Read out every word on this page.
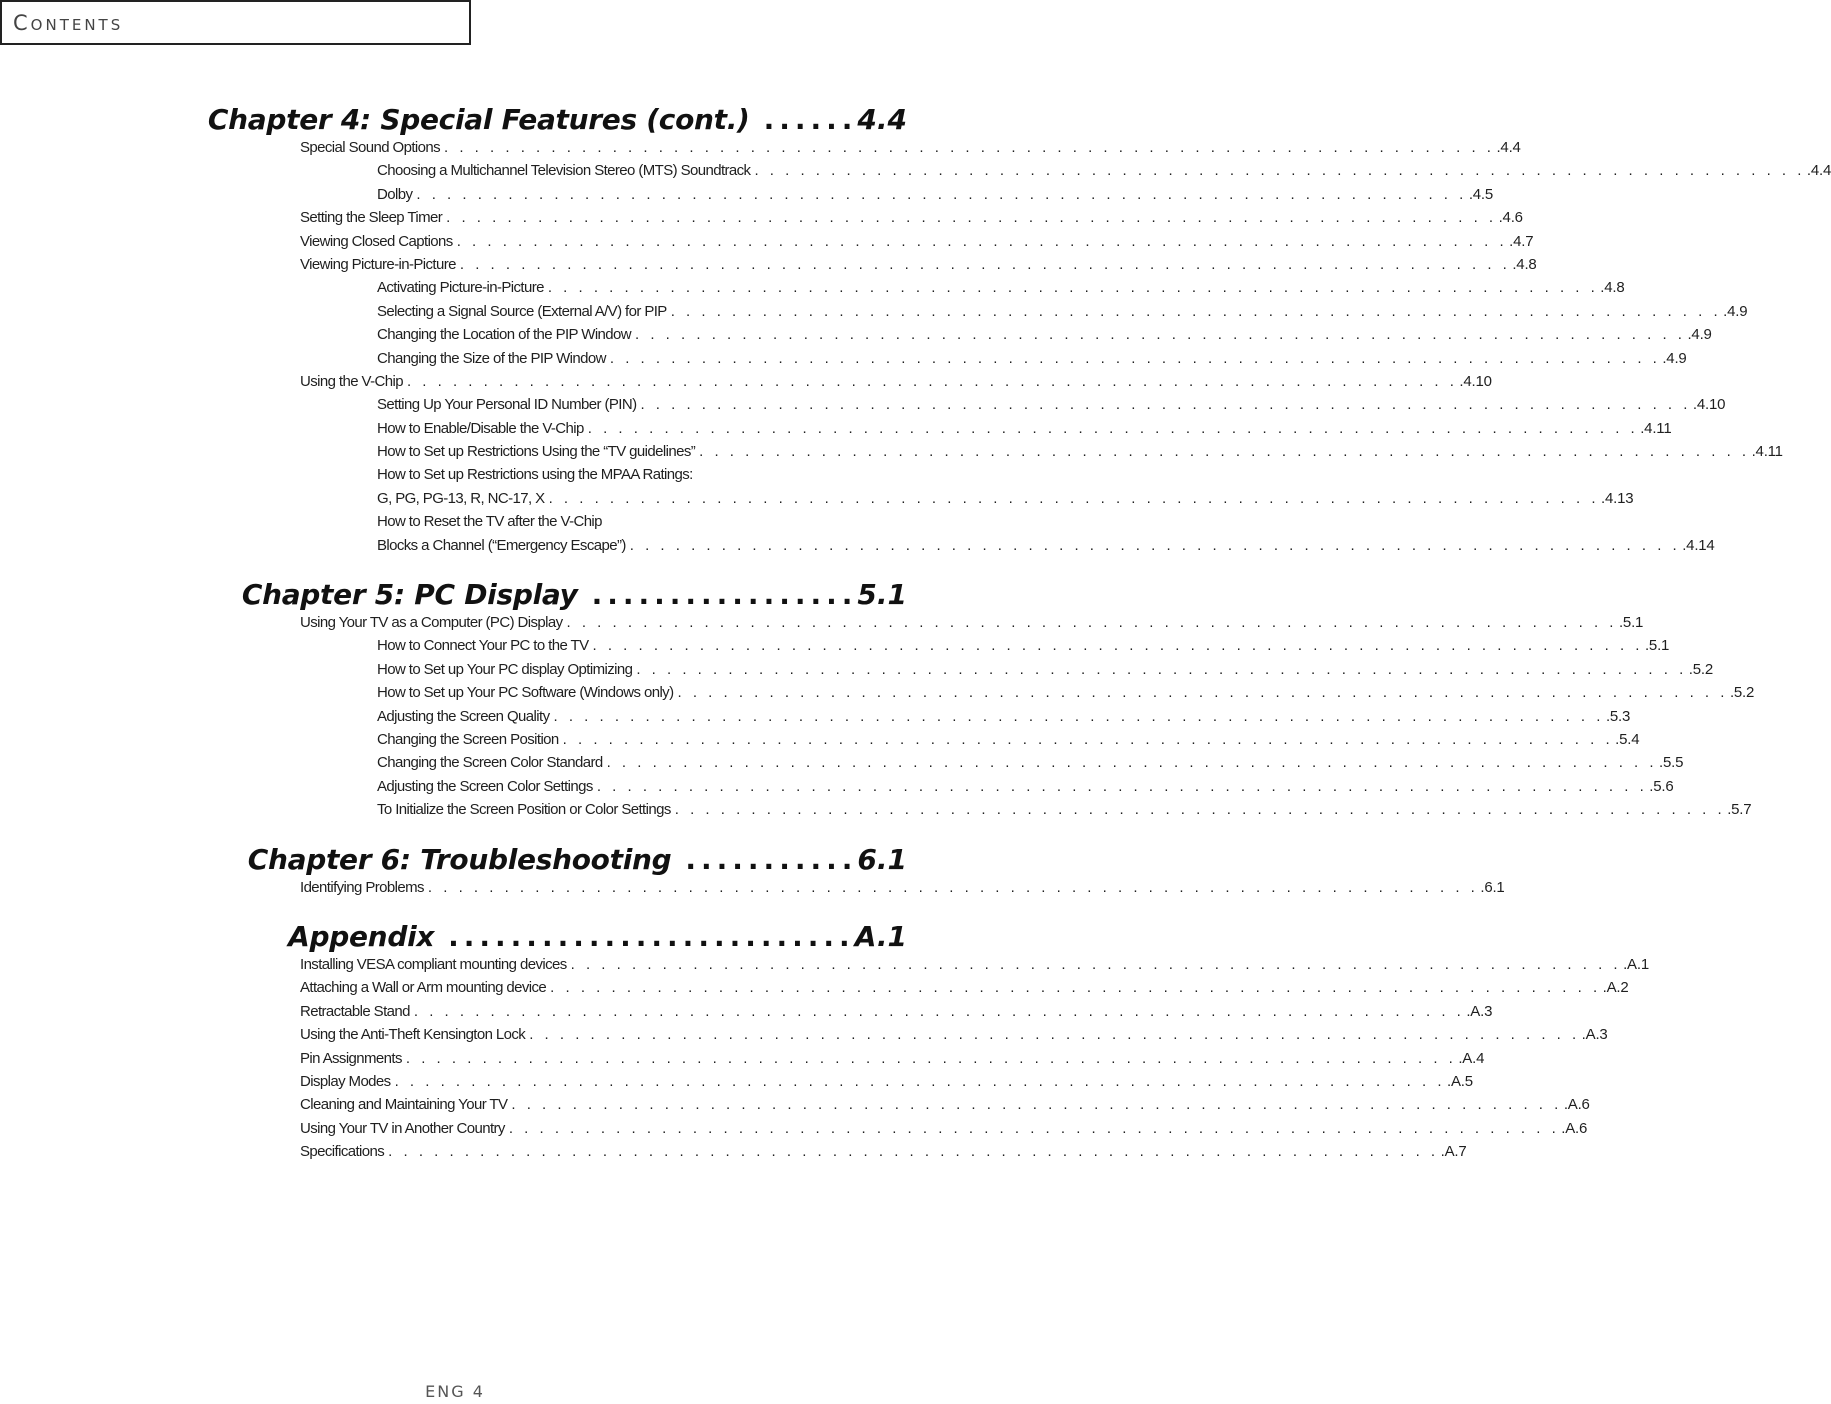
CONTENTS
Chapter 4: Special Features (cont.) ...... 4.4
Special Sound Options . . . . . . . . . . . . . . . . . . . . . . . . . . . . . . . . . . . . . . . . . . . . . . . . . . . . . . . . . . . . . . . . . . . . . .4.4
Choosing a Multichannel Television Stereo (MTS) Soundtrack . . . . . . . . . . . . . . . . . . . . . . . . . . . . . . . . . . . . . . . . . . . . . . . . . . . . . . . . . . . . . . . . . . . . . .4.4
Dolby . . . . . . . . . . . . . . . . . . . . . . . . . . . . . . . . . . . . . . . . . . . . . . . . . . . . . . . . . . . . . . . . . . . . . .4.5
Setting the Sleep Timer . . . . . . . . . . . . . . . . . . . . . . . . . . . . . . . . . . . . . . . . . . . . . . . . . . . . . . . . . . . . . . . . . . . . . .4.6
Viewing Closed Captions . . . . . . . . . . . . . . . . . . . . . . . . . . . . . . . . . . . . . . . . . . . . . . . . . . . . . . . . . . . . . . . . . . . . . .4.7
Viewing Picture-in-Picture . . . . . . . . . . . . . . . . . . . . . . . . . . . . . . . . . . . . . . . . . . . . . . . . . . . . . . . . . . . . . . . . . . . . . .4.8
Activating Picture-in-Picture . . . . . . . . . . . . . . . . . . . . . . . . . . . . . . . . . . . . . . . . . . . . . . . . . . . . . . . . . . . . . . . . . . . . . .4.8
Selecting a Signal Source (External A/V) for PIP . . . . . . . . . . . . . . . . . . . . . . . . . . . . . . . . . . . . . . . . . . . . . . . . . . . . . . . . . . . . . . . . . . . . . .4.9
Changing the Location of the PIP Window . . . . . . . . . . . . . . . . . . . . . . . . . . . . . . . . . . . . . . . . . . . . . . . . . . . . . . . . . . . . . . . . . . . . . .4.9
Changing the Size of the PIP Window . . . . . . . . . . . . . . . . . . . . . . . . . . . . . . . . . . . . . . . . . . . . . . . . . . . . . . . . . . . . . . . . . . . . . .4.9
Using the V-Chip . . . . . . . . . . . . . . . . . . . . . . . . . . . . . . . . . . . . . . . . . . . . . . . . . . . . . . . . . . . . . . . . . . . . . .4.10
Setting Up Your Personal ID Number (PIN) . . . . . . . . . . . . . . . . . . . . . . . . . . . . . . . . . . . . . . . . . . . . . . . . . . . . . . . . . . . . . . . . . . . . . .4.10
How to Enable/Disable the V-Chip . . . . . . . . . . . . . . . . . . . . . . . . . . . . . . . . . . . . . . . . . . . . . . . . . . . . . . . . . . . . . . . . . . . . . .4.11
How to Set up Restrictions Using the “TV guidelines” . . . . . . . . . . . . . . . . . . . . . . . . . . . . . . . . . . . . . . . . . . . . . . . . . . . . . . . . . . . . . . . . . . . . . .4.11
How to Set up Restrictions using the MPAA Ratings:
G, PG, PG-13, R, NC-17, X . . . . . . . . . . . . . . . . . . . . . . . . . . . . . . . . . . . . . . . . . . . . . . . . . . . . . . . . . . . . . . . . . . . . . .4.13
How to Reset the TV after the V-Chip
Blocks a Channel (“Emergency Escape”) . . . . . . . . . . . . . . . . . . . . . . . . . . . . . . . . . . . . . . . . . . . . . . . . . . . . . . . . . . . . . . . . . . . . . .4.14
Chapter 5: PC Display ................. 5.1
Using Your TV as a Computer (PC) Display . . . . . . . . . . . . . . . . . . . . . . . . . . . . . . . . . . . . . . . . . . . . . . . . . . . . . . . . . . . . . . . . . . . . . .5.1
How to Connect Your PC to the TV . . . . . . . . . . . . . . . . . . . . . . . . . . . . . . . . . . . . . . . . . . . . . . . . . . . . . . . . . . . . . . . . . . . . . .5.1
How to Set up Your PC display Optimizing . . . . . . . . . . . . . . . . . . . . . . . . . . . . . . . . . . . . . . . . . . . . . . . . . . . . . . . . . . . . . . . . . . . . . .5.2
How to Set up Your PC Software (Windows only) . . . . . . . . . . . . . . . . . . . . . . . . . . . . . . . . . . . . . . . . . . . . . . . . . . . . . . . . . . . . . . . . . . . . . .5.2
Adjusting the Screen Quality . . . . . . . . . . . . . . . . . . . . . . . . . . . . . . . . . . . . . . . . . . . . . . . . . . . . . . . . . . . . . . . . . . . . . .5.3
Changing the Screen Position . . . . . . . . . . . . . . . . . . . . . . . . . . . . . . . . . . . . . . . . . . . . . . . . . . . . . . . . . . . . . . . . . . . . . .5.4
Changing the Screen Color Standard . . . . . . . . . . . . . . . . . . . . . . . . . . . . . . . . . . . . . . . . . . . . . . . . . . . . . . . . . . . . . . . . . . . . . .5.5
Adjusting the Screen Color Settings . . . . . . . . . . . . . . . . . . . . . . . . . . . . . . . . . . . . . . . . . . . . . . . . . . . . . . . . . . . . . . . . . . . . . .5.6
To Initialize the Screen Position or Color Settings . . . . . . . . . . . . . . . . . . . . . . . . . . . . . . . . . . . . . . . . . . . . . . . . . . . . . . . . . . . . . . . . . . . . . .5.7
Chapter 6: Troubleshooting ........... 6.1
Identifying Problems . . . . . . . . . . . . . . . . . . . . . . . . . . . . . . . . . . . . . . . . . . . . . . . . . . . . . . . . . . . . . . . . . . . . . .6.1
Appendix .......................... A.1
Installing VESA compliant mounting devices . . . . . . . . . . . . . . . . . . . . . . . . . . . . . . . . . . . . . . . . . . . . . . . . . . . . . . . . . . . . . . . . . . . . . .A.1
Attaching a Wall or Arm mounting device . . . . . . . . . . . . . . . . . . . . . . . . . . . . . . . . . . . . . . . . . . . . . . . . . . . . . . . . . . . . . . . . . . . . . .A.2
Retractable Stand . . . . . . . . . . . . . . . . . . . . . . . . . . . . . . . . . . . . . . . . . . . . . . . . . . . . . . . . . . . . . . . . . . . . . .A.3
Using the Anti-Theft Kensington Lock . . . . . . . . . . . . . . . . . . . . . . . . . . . . . . . . . . . . . . . . . . . . . . . . . . . . . . . . . . . . . . . . . . . . . .A.3
Pin Assignments . . . . . . . . . . . . . . . . . . . . . . . . . . . . . . . . . . . . . . . . . . . . . . . . . . . . . . . . . . . . . . . . . . . . . .A.4
Display Modes . . . . . . . . . . . . . . . . . . . . . . . . . . . . . . . . . . . . . . . . . . . . . . . . . . . . . . . . . . . . . . . . . . . . . .A.5
Cleaning and Maintaining Your TV . . . . . . . . . . . . . . . . . . . . . . . . . . . . . . . . . . . . . . . . . . . . . . . . . . . . . . . . . . . . . . . . . . . . . .A.6
Using Your TV in Another Country . . . . . . . . . . . . . . . . . . . . . . . . . . . . . . . . . . . . . . . . . . . . . . . . . . . . . . . . . . . . . . . . . . . . . .A.6
Specifications . . . . . . . . . . . . . . . . . . . . . . . . . . . . . . . . . . . . . . . . . . . . . . . . . . . . . . . . . . . . . . . . . . . . . .A.7
ENG 4
